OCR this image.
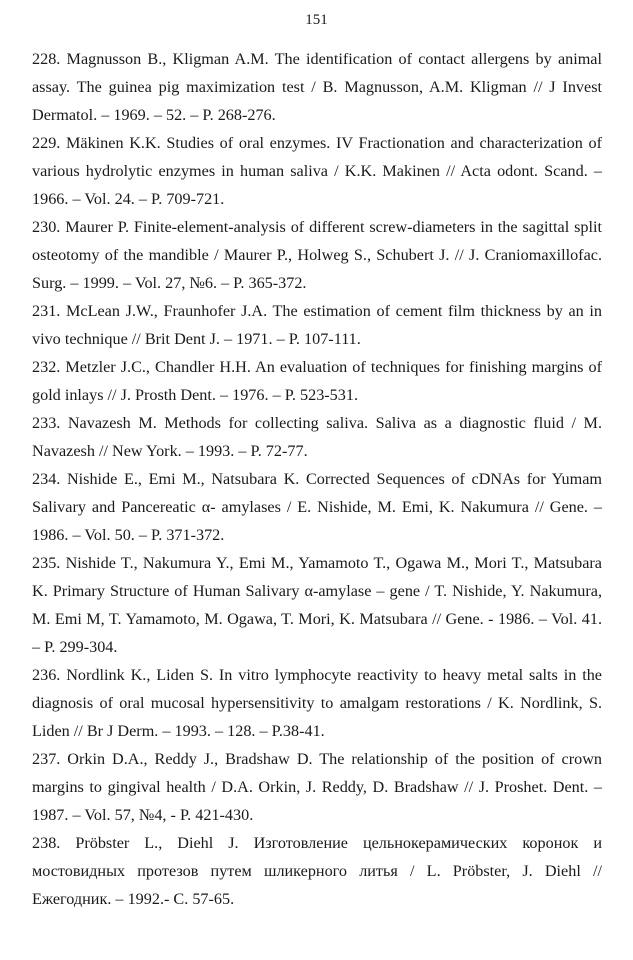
151
228. Magnusson B., Kligman A.M. The identification of contact allergens by animal assay. The guinea pig maximization test / B. Magnusson, A.M. Kligman // J Invest Dermatol. – 1969. – 52. – P. 268-276.
229. Mäkinen K.K. Studies of oral enzymes. IV Fractionation and characterization of various hydrolytic enzymes in human saliva / K.K. Makinen // Acta odont. Scand. – 1966. – Vol. 24. – P. 709-721.
230. Maurer P. Finite-element-analysis of different screw-diameters in the sagittal split osteotomy of the mandible / Maurer P., Holweg S., Schubert J. // J. Craniomaxillofac. Surg. – 1999. – Vol. 27, №6. – P. 365-372.
231. McLean J.W., Fraunhofer J.A. The estimation of cement film thickness by an in vivo technique // Brit Dent J. – 1971. – P. 107-111.
232. Metzler J.C., Chandler H.H. An evaluation of techniques for finishing margins of gold inlays // J. Prosth Dent. – 1976. – P. 523-531.
233. Navazesh M. Methods for collecting saliva. Saliva as a diagnostic fluid / M. Navazesh // New York. – 1993. – P. 72-77.
234. Nishide E., Emi M., Natsubara K. Corrected Sequences of cDNAs for Yumam Salivary and Pancereatic α- amylases / E. Nishide, M. Emi, K. Nakumura // Gene. – 1986. – Vol. 50. – P. 371-372.
235. Nishide T., Nakumura Y., Emi M., Yamamoto T., Ogawa M., Mori T., Matsubara K. Primary Structure of Human Salivary α-amylase – gene / T. Nishide, Y. Nakumura, M. Emi M, T. Yamamoto, M. Ogawa, T. Mori, K. Matsubara // Gene. - 1986. – Vol. 41. – P. 299-304.
236. Nordlink K., Liden S. In vitro lymphocyte reactivity to heavy metal salts in the diagnosis of oral mucosal hypersensitivity to amalgam restorations / K. Nordlink, S. Liden // Br J Derm. – 1993. – 128. – P.38-41.
237. Orkin D.A., Reddy J., Bradshaw D. The relationship of the position of crown margins to gingival health / D.A. Orkin, J. Reddy, D. Bradshaw // J. Proshet. Dent. – 1987. – Vol. 57, №4, - P. 421-430.
238. Pröbster L., Diehl J. Изготовление цельнокерамических коронок и мостовидных протезов путем шликерного литья / L. Pröbster, J. Diehl // Ежегодник. – 1992.- С. 57-65.
